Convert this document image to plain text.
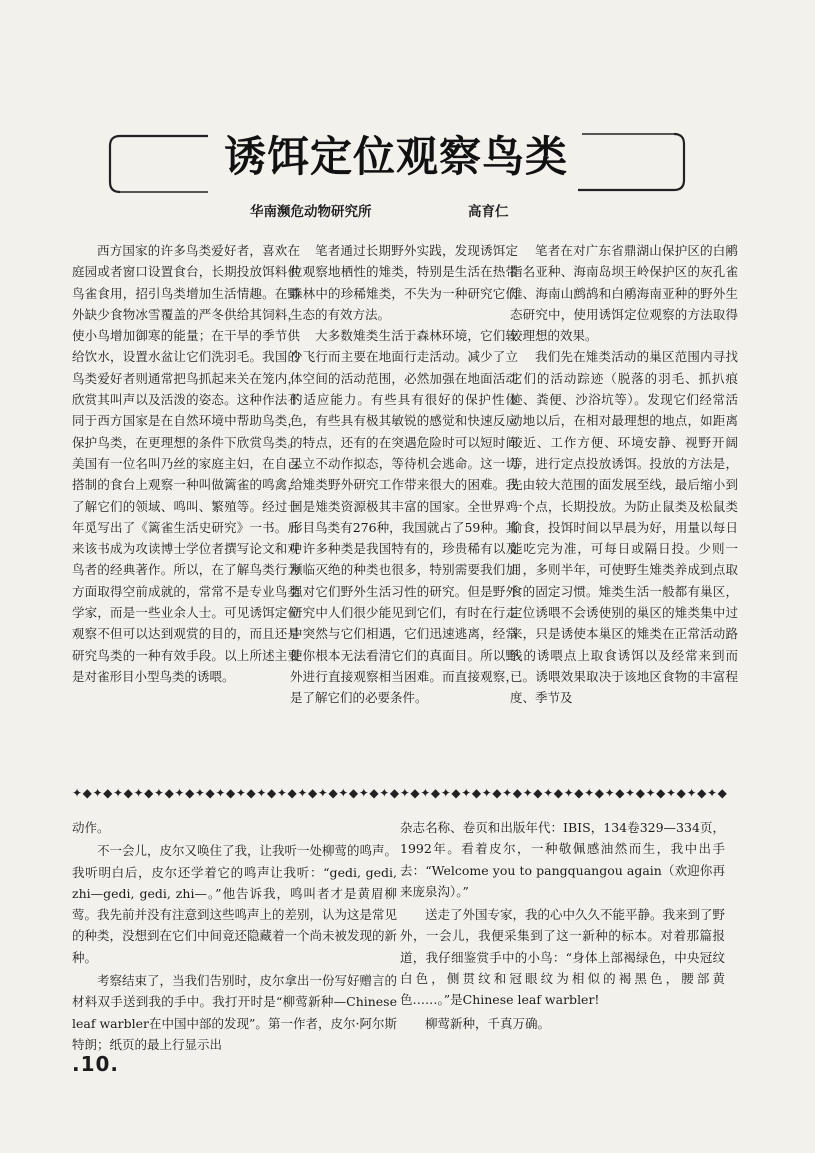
诱饵定位观察鸟类
华南濒危动物研究所	高育仁

西方国家的许多鸟类爱好者，喜欢在庭园或者窗口设置食台，长期投放饵料供鸟雀食用，招引鸟类增加生活情趣。在野外缺少食物冰雪覆盖的严冬供给其饲料，使小鸟增加御寒的能量；在干旱的季节供给饮水，设置水盆让它们洗羽毛。我国的鸟类爱好者则通常把鸟抓起来关在笼内，欣赏其叫声以及活泼的姿态。这种作法不同于西方国家是在自然环境中帮助鸟类，保护鸟类，在更理想的条件下欣赏鸟类。美国有一位名叫乃丝的家庭主妇，在自己搭制的食台上观察一种叫做篱雀的鸣禽，了解它们的领域、鸣叫、繁殖等。经过十年觅写出了《篱雀生活史研究》一书。后来该书成为攻读博士学位者撰写论文和观鸟者的经典著作。所以，在了解鸟类行为方面取得空前成就的，常常不是专业鸟类学家，而是一些业余人士。可见诱饵定位观察不但可以达到观赏的目的，而且还是研究鸟类的一种有效手段。以上所述主要是对雀形目小型鸟类的诱喂。

笔者通过长期野外实践，发现诱饵定位观察地栖性的雉类，特别是生活在热带森林中的珍稀雉类，不失为一种研究它们生态的有效方法。

大多数雉类生活于森林环境，它们较少飞行而主要在地面行走活动。减少了立体空间的活动范围，必然加强在地面活动的适应能力。有些具有很好的保护性体色，有些具有极其敏锐的感觉和快速反应的特点，还有的在突遇危险时可以短时间呆立不动作拟态，等待机会逃命。这一切给雉类野外研究工作带来很大的困难。我国是雉类资源极其丰富的国家。全世界鸡形目鸟类有276种，我国就占了59种。其中许多种类是我国特有的，珍贵稀有以及濒临灭绝的种类也很多，特别需要我们加强对它们野外生活习性的研究。但是野外研究中人们很少能见到它们，有时在行走中突然与它们相遇，它们迅速逃离，经常使你根本无法看清它们的真面目。所以野外进行直接观察相当困难。而直接观察，是了解它们的必要条件。

笔者在对广东省鼎湖山保护区的白鹇指名亚种、海南岛坝王岭保护区的灰孔雀雉、海南山鹧鸪和白鹇海南亚种的野外生态研究中，使用诱饵定位观察的方法取得较理想的效果。

我们先在雉类活动的巢区范围内寻找它们的活动踪迹（脱落的羽毛、抓扒痕迹、粪便、沙浴坑等）。发现它们经常活动地以后，在相对最理想的地点，如距离较近、工作方便、环境安静、视野开阔等，进行定点投放诱饵。投放的方法是，先由较大范围的面发展至线，最后缩小到一个点，长期投放。为防止鼠类及松鼠类偷食，投饵时间以早晨为好，用量以每日能吃完为准，可每日或隔日投。少则一月，多则半年，可使野生雉类养成到点取食的固定习惯。雉类生活一般都有巢区，定位诱喂不会诱使别的巢区的雉类集中过来，只是诱使本巢区的雉类在正常活动路线的诱喂点上取食诱饵以及经常来到而已。诱喂效果取决于该地区食物的丰富程度、季节及

✦◆✦◆✦◆✦◆✦◆✦◆✦◆✦◆✦◆✦◆✦◆✦◆✦◆✦◆✦◆✦◆✦◆✦◆✦◆✦◆✦◆✦◆✦◆✦◆✦◆✦◆✦◆✦◆✦◆✦◆✦◆✦◆

动作。

不一会儿，皮尔又唤住了我，让我听一处柳莺的鸣声。我听明白后，皮尔还学着它的鸣声让我听：“gedi, gedi, zhi—gedi, gedi, zhi—。”他告诉我，鸣叫者才是黄眉柳莺。我先前并没有注意到这些鸣声上的差别，认为这是常见的种类，没想到在它们中间竟还隐藏着一个尚未被发现的新种。

考察结束了，当我们告别时，皮尔拿出一份写好赠言的材料双手送到我的手中。我打开时是“柳莺新种—Chinese leaf warbler在中国中部的发现”。第一作者，皮尔·阿尔斯特朗；纸页的最上行显示出

杂志名称、卷页和出版年代：IBIS，134卷329—334页，1992年。看着皮尔，一种敬佩感油然而生，我中出手去：“Welcome you to pangquangou again（欢迎你再来庞泉沟）。”

送走了外国专家，我的心中久久不能平静。我来到了野外，一会儿，我便采集到了这一新种的标本。对着那篇报道，我仔细鉴赏手中的小鸟：“身体上部褐绿色，中央冠纹白色，侧贯纹和冠眼纹为相似的褐黑色，腰部黄色……。”是Chinese leaf warbler!

柳莺新种，千真万确。

.10.
